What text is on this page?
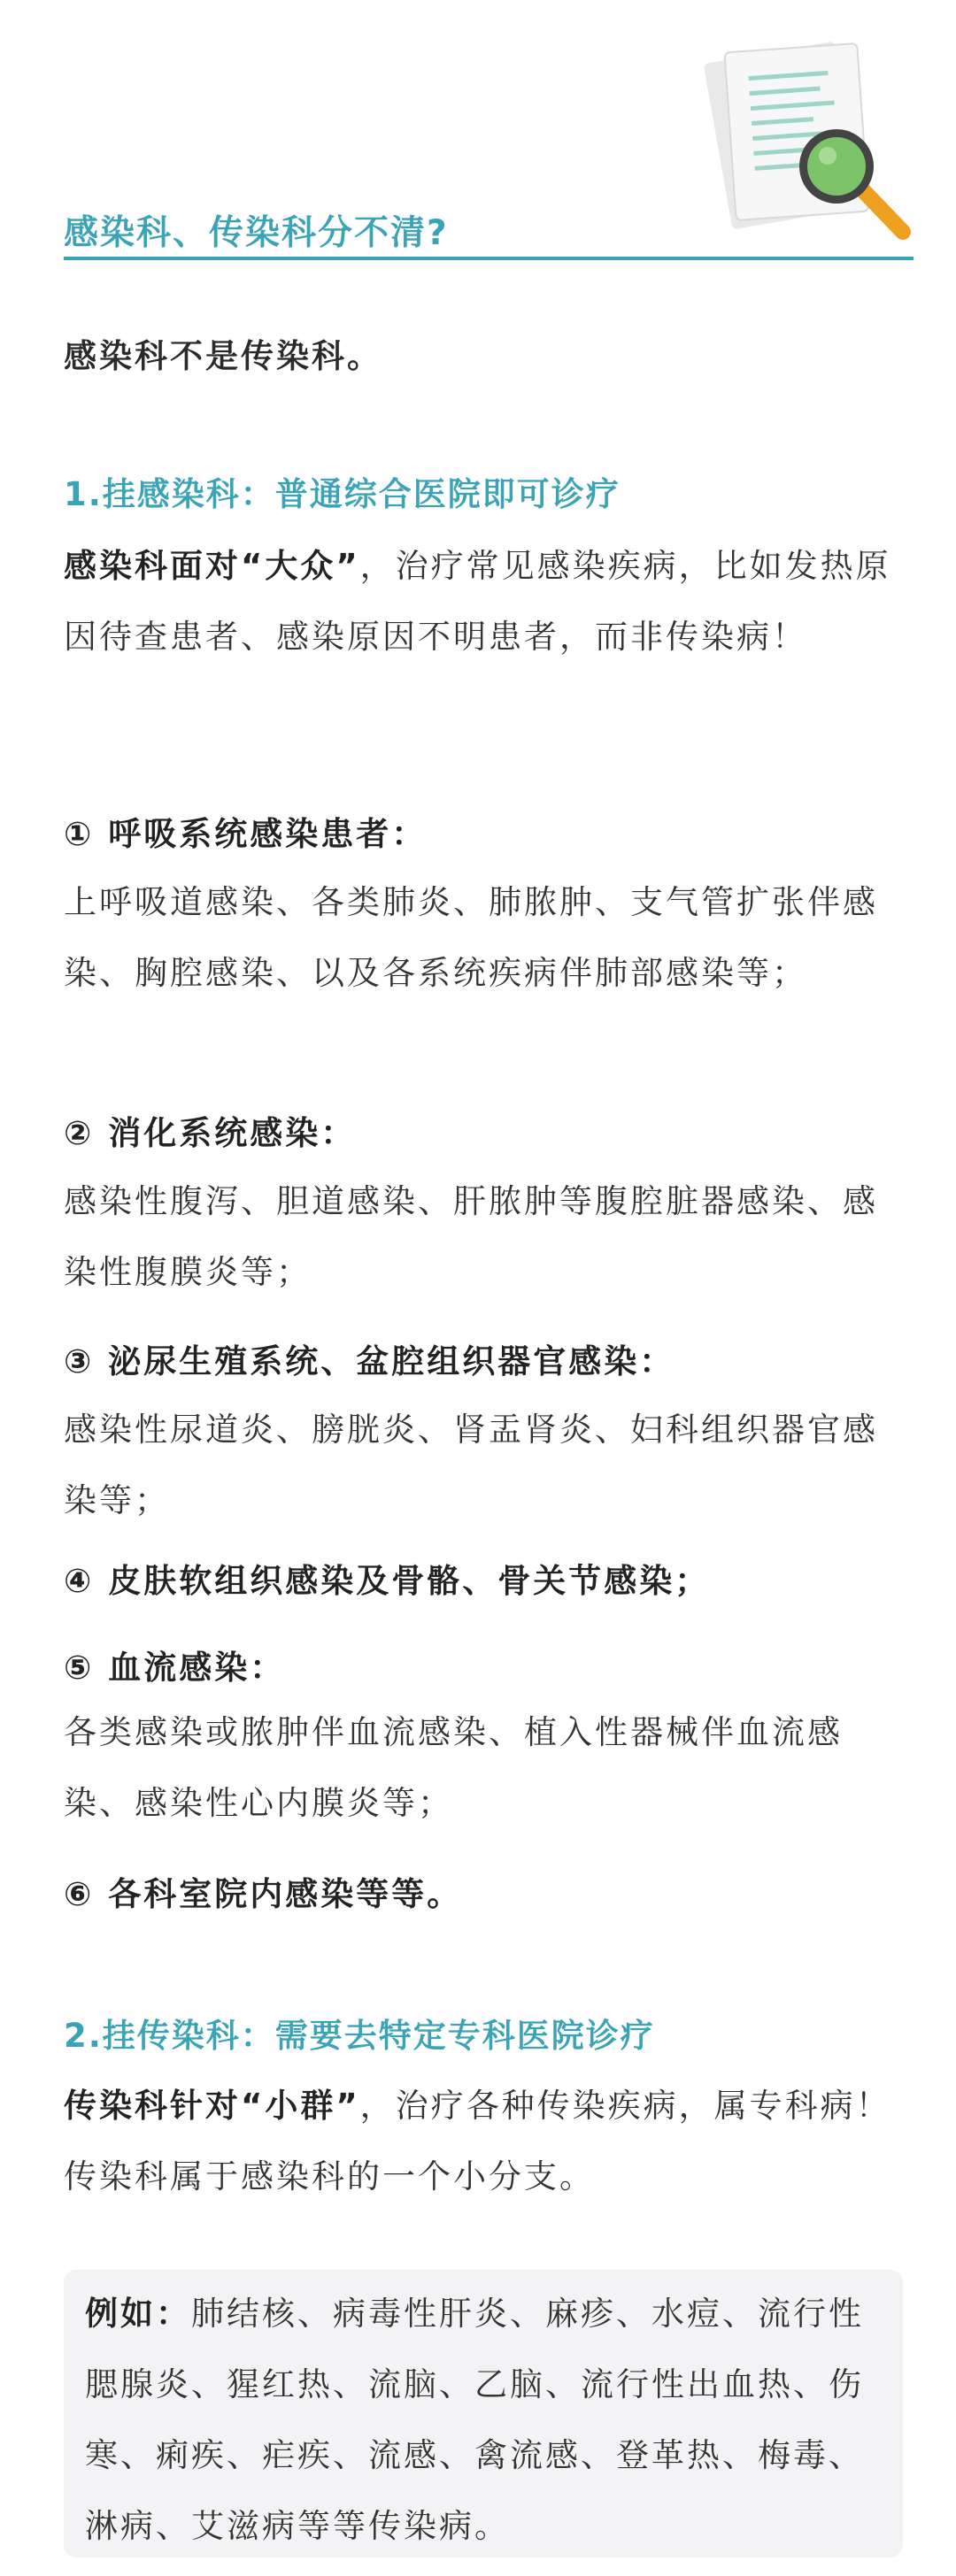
感染科、传染科分不清?
感染科不是传染科。
1.挂感染科：普通综合医院即可诊疗
感染科面对“大众”，治疗常见感染疾病，比如发热原因待查患者、感染原因不明患者，而非传染病！
① 呼吸系统感染患者：
上呼吸道感染、各类肺炎、肺脓肿、支气管扩张伴感染、胸腔感染、以及各系统疾病伴肺部感染等；
② 消化系统感染：
感染性腹泻、胆道感染、肝脓肿等腹腔脏器感染、感染性腹膜炎等；
③ 泌尿生殖系统、盆腔组织器官感染：
感染性尿道炎、膀胱炎、肾盂肾炎、妇科组织器官感染等；
④ 皮肤软组织感染及骨骼、骨关节感染；
⑤ 血流感染：
各类感染或脓肿伴血流感染、植入性器械伴血流感染、感染性心内膜炎等；
⑥ 各科室院内感染等等。
2.挂传染科：需要去特定专科医院诊疗
传染科针对“小群”，治疗各种传染疾病，属专科病！传染科属于感染科的一个小分支。
例如：肺结核、病毒性肝炎、麻疹、水痘、流行性腮腺炎、猩红热、流脑、乙脑、流行性出血热、伤寒、痢疾、疟疾、流感、禽流感、登革热、梅毒、淋病、艾滋病等等传染病。
